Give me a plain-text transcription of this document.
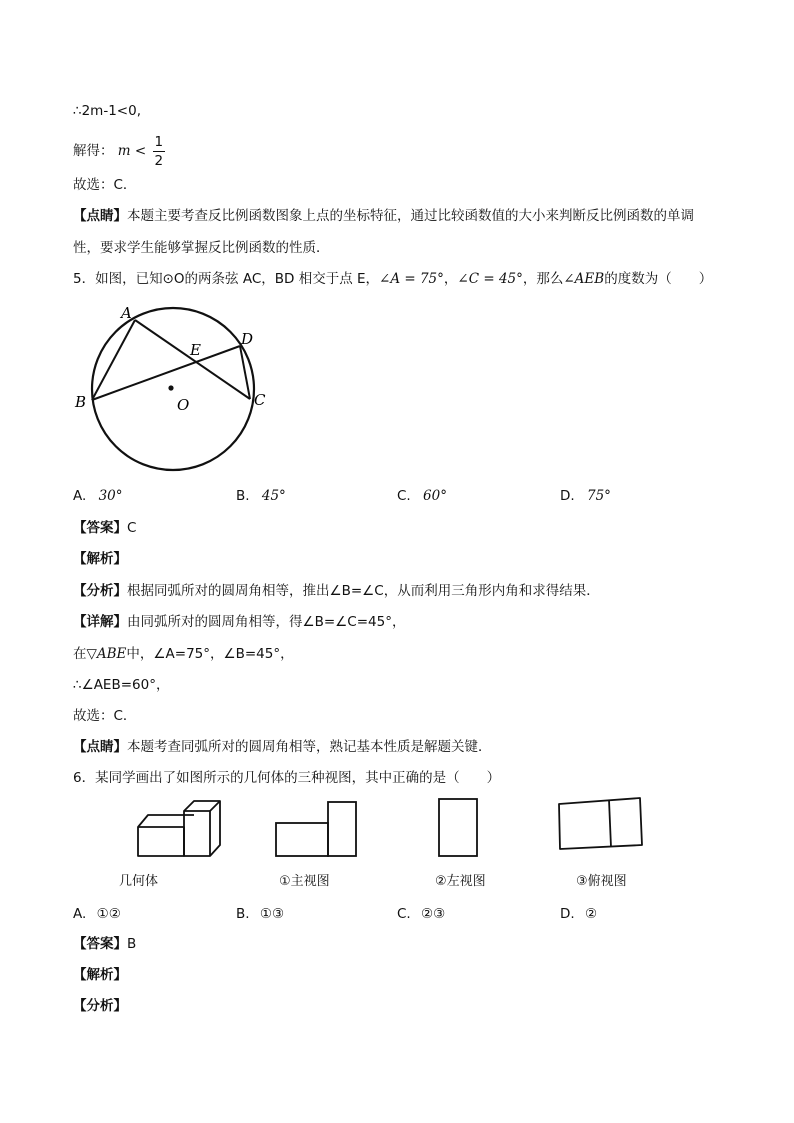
∴2m-1<0,
解得： $m < \frac{1}{2}$
故选：C．
【点睛】本题主要考查反比例函数图象上点的坐标特征，通过比较函数值的大小来判断反比例函数的单调
性，要求学生能够掌握反比例函数的性质．
5．如图，已知⊙O的两条弦 AC，BD 相交于点 E，∠A = 75°，∠C = 45°，那么∠AEB的度数为（　　）
A
B	C
D
E
O
A. 30°	B. 45°	C. 60°	D. 75°
【答案】C
【解析】
【分析】根据同弧所对的圆周角相等，推出∠B=∠C，从而利用三角形内角和求得结果．
【详解】由同弧所对的圆周角相等，得∠B=∠C=45°，
在▽ABE中，∠A=75°，∠B=45°，
∴∠AEB=60°，
故选：C．
【点睛】本题考查同弧所对的圆周角相等，熟记基本性质是解题关键．
6．某同学画出了如图所示的几何体的三种视图，其中正确的是（　　）
几何体	①主视图	②左视图	③俯视图
A. ①②	B. ①③	C. ②③	D. ②
【答案】B
【解析】
【分析】
